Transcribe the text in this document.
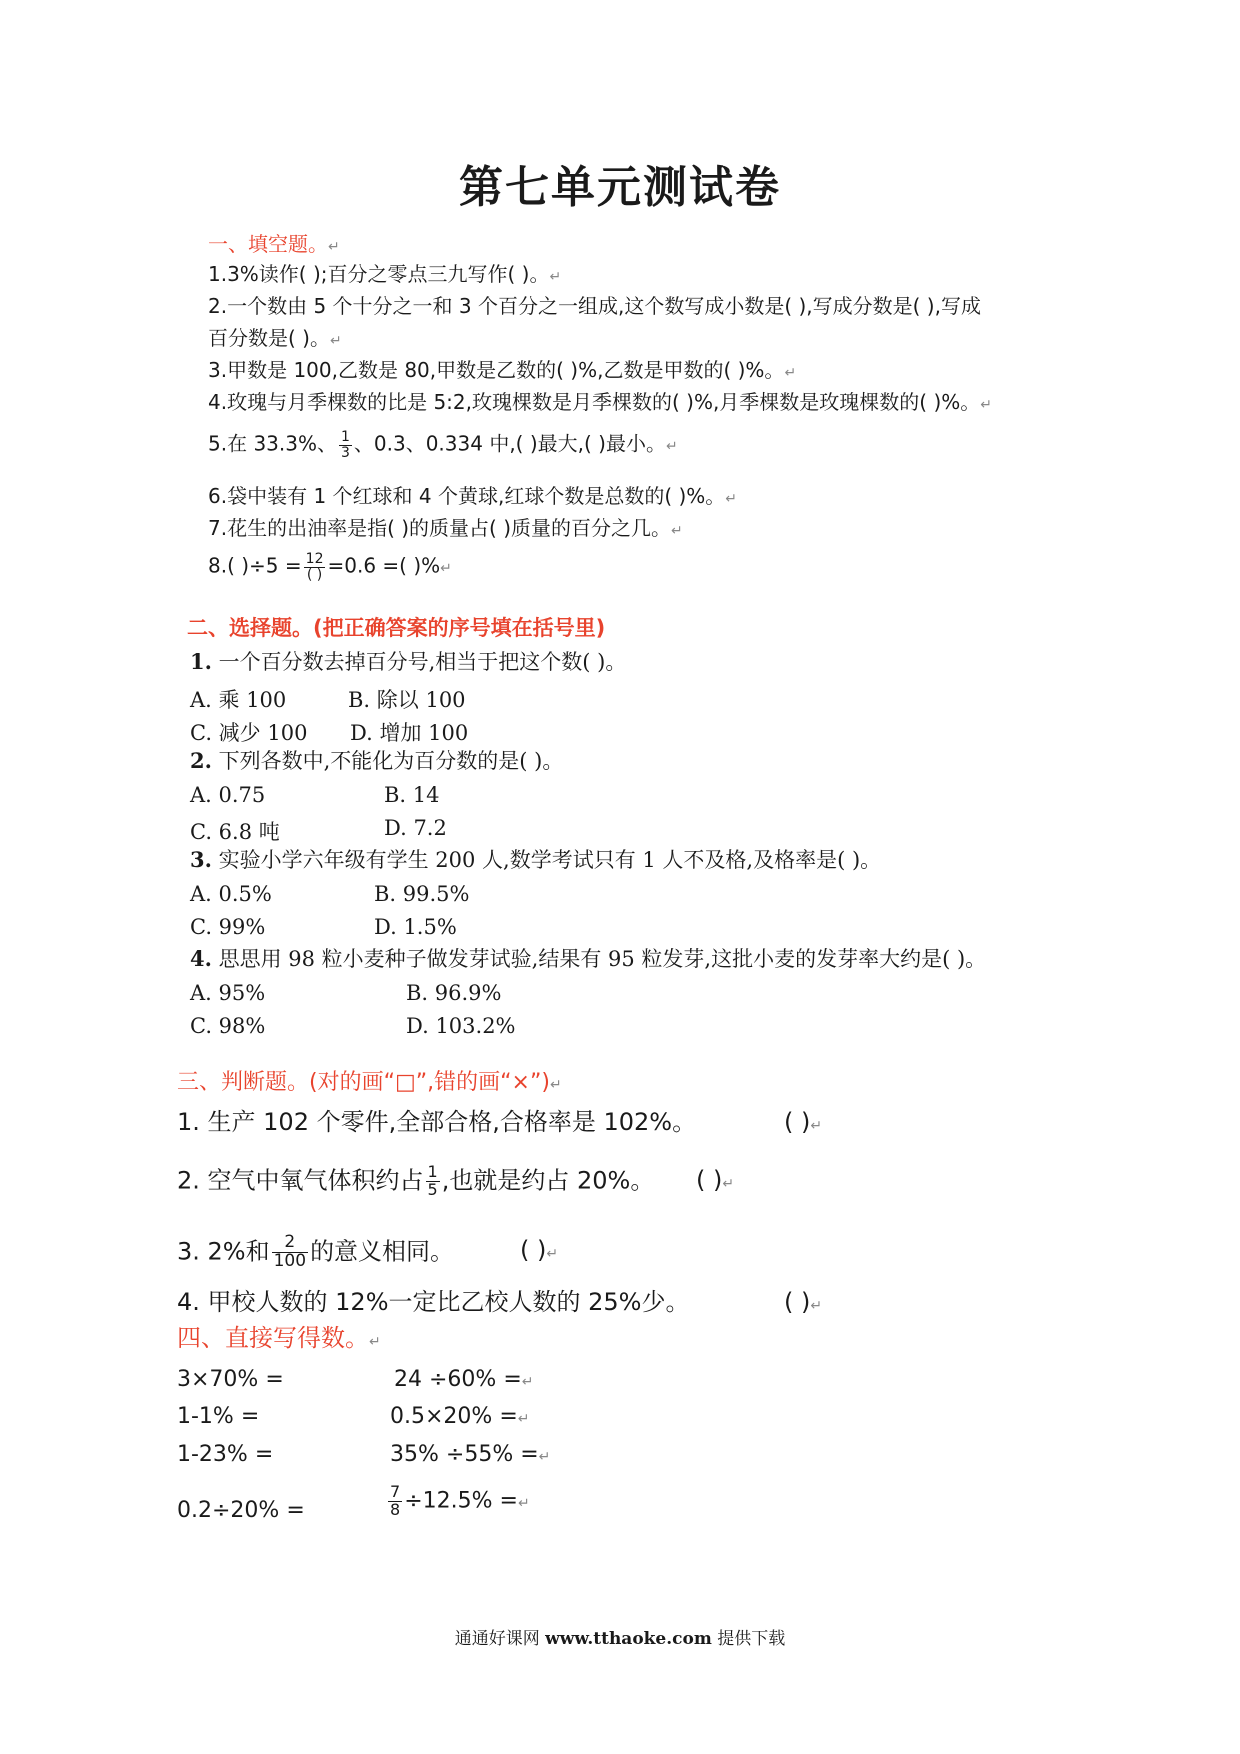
第七单元测试卷
一、填空题。↵
1.3%读作( );百分之零点三九写作( )。↵
2.一个数由 5 个十分之一和 3 个百分之一组成,这个数写成小数是( ),写成分数是( ),写成
百分数是( )。↵
3.甲数是 100,乙数是 80,甲数是乙数的( )%,乙数是甲数的( )%。↵
4.玫瑰与月季棵数的比是 5:2,玫瑰棵数是月季棵数的( )%,月季棵数是玫瑰棵数的( )%。↵
5.在 33.3%、 $\frac{1}{3}$ 、0.3、0.334 中,( )最大,( )最小。↵
6.袋中装有 1 个红球和 4 个黄球,红球个数是总数的( )%。↵
7.花生的出油率是指( )的质量占( )质量的百分之几。↵
8.( )$\div 5 = \frac{12}{( )} =0.6$ =( )%↵
二、选择题。(把正确答案的序号填在括号里)
1. 一个百分数去掉百分号,相当于把这个数( )。
A. 乘 100	B. 除以 100
C. 减少 100 D. 增加 100
2. 下列各数中,不能化为百分数的是( )。
A. 0.75	B. 14
C. 6.8 吨	D. 7.2
3. 实验小学六年级有学生 200 人,数学考试只有 1 人不及格,及格率是( )。
A. 0.5%	B. 99.5%
C. 99%	D. 1.5%
4. 思思用 98 粒小麦种子做发芽试验,结果有 95 粒发芽,这批小麦的发芽率大约是( )。
A. 95%	B. 96.9%
C. 98%	D. 103.2%
三、判断题。(对的画“□”,错的画“×”)↵
1. 生产 102 个零件,全部合格,合格率是 102%。	( )↵
2. 空气中氧气体积约占 $\frac{1}{5}$ ,也就是约占 20%。 ( )↵
3. 2%和 $\frac{2}{100}$ 的意义相同。	( )↵
4. 甲校人数的 12%一定比乙校人数的 25%少。	( )↵
四、直接写得数。↵
3×70% =	24 ÷60% =↵
1-1% =	0.5×20% =↵
1-23% =	35% ÷55% =↵
0.2÷20% =	$\frac{7}{8} \div 12.5\%$ =↵
通通好课网 www.tthaoke.com 提供下载
